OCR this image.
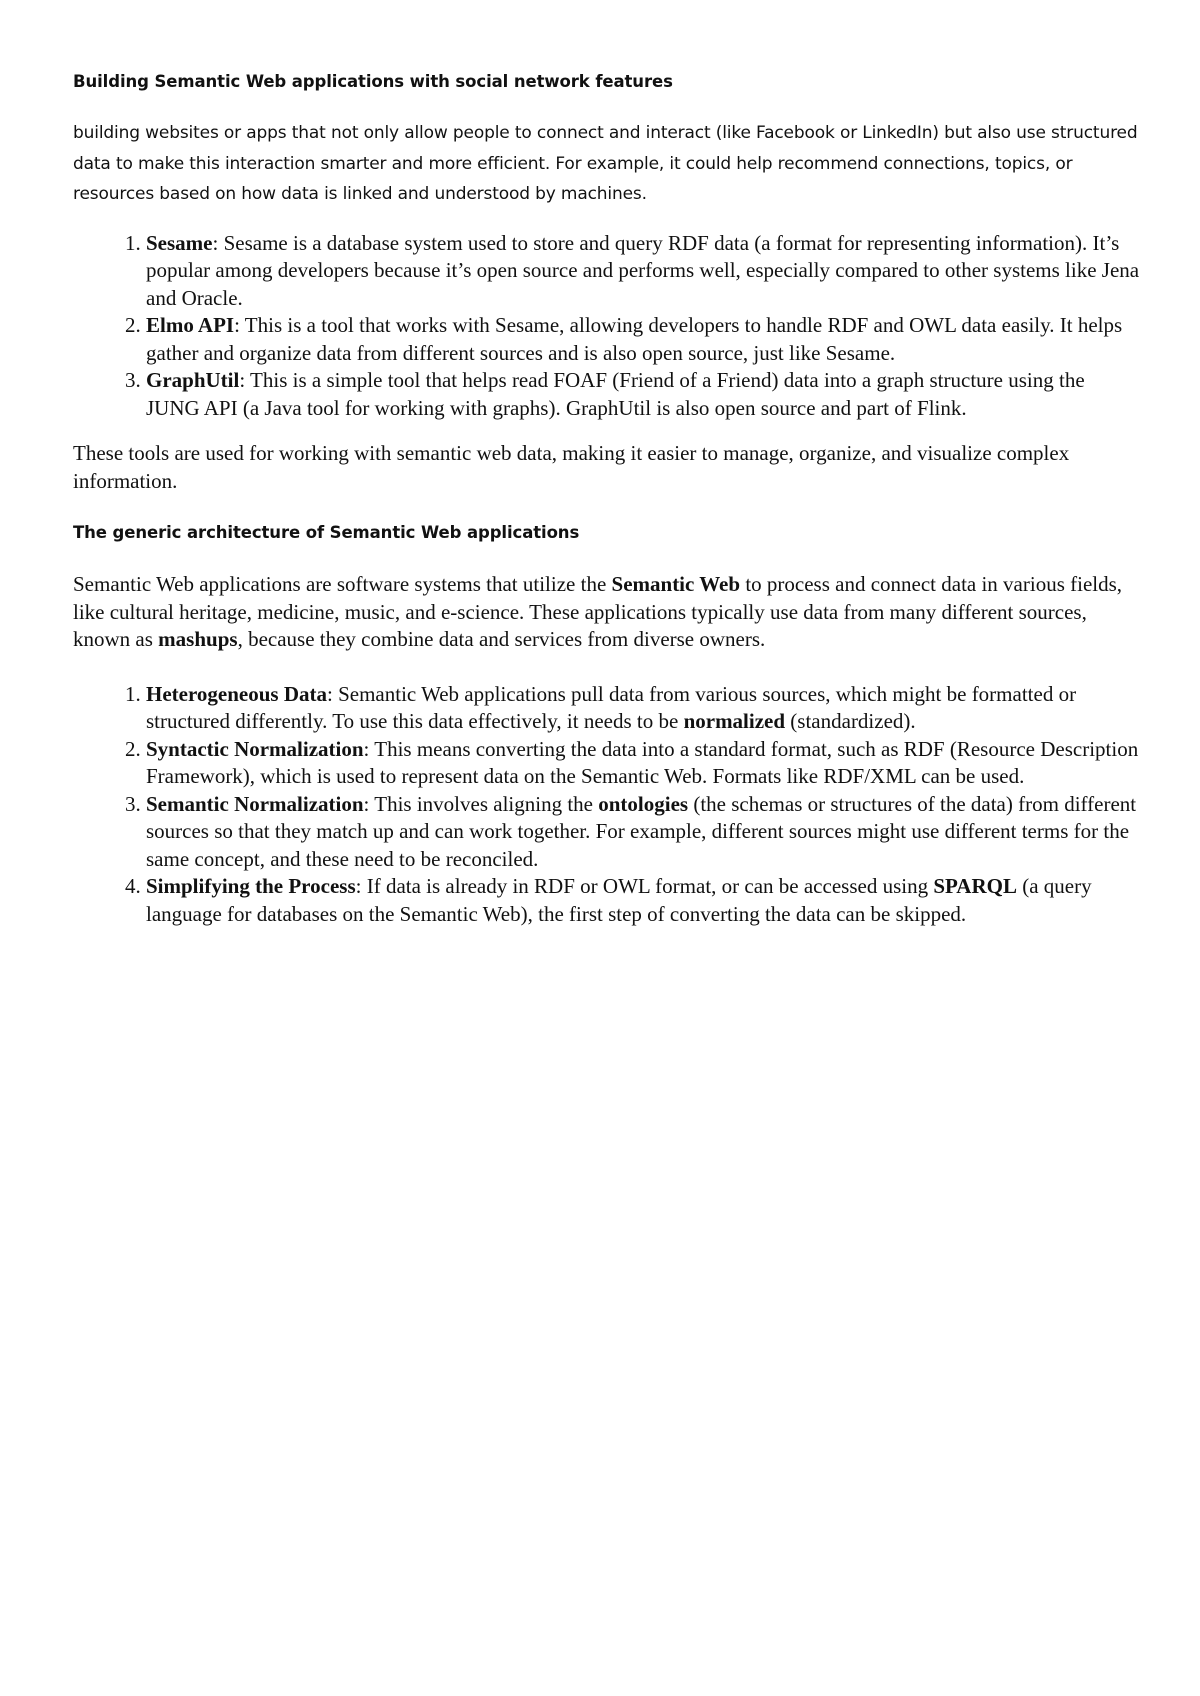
Building Semantic Web applications with social network features

building websites or apps that not only allow people to connect and interact (like Facebook or LinkedIn) but also use structured data to make this interaction smarter and more efficient. For example, it could help recommend connections, topics, or resources based on how data is linked and understood by machines.

1. Sesame: Sesame is a database system used to store and query RDF data (a format for representing information). It’s popular among developers because it’s open source and performs well, especially compared to other systems like Jena and Oracle.
2. Elmo API: This is a tool that works with Sesame, allowing developers to handle RDF and OWL data easily. It helps gather and organize data from different sources and is also open source, just like Sesame.
3. GraphUtil: This is a simple tool that helps read FOAF (Friend of a Friend) data into a graph structure using the JUNG API (a Java tool for working with graphs). GraphUtil is also open source and part of Flink.

These tools are used for working with semantic web data, making it easier to manage, organize, and visualize complex information.

The generic architecture of Semantic Web applications

Semantic Web applications are software systems that utilize the Semantic Web to process and connect data in various fields, like cultural heritage, medicine, music, and e-science. These applications typically use data from many different sources, known as mashups, because they combine data and services from diverse owners.

1. Heterogeneous Data: Semantic Web applications pull data from various sources, which might be formatted or structured differently. To use this data effectively, it needs to be normalized (standardized).
2. Syntactic Normalization: This means converting the data into a standard format, such as RDF (Resource Description Framework), which is used to represent data on the Semantic Web. Formats like RDF/XML can be used.
3. Semantic Normalization: This involves aligning the ontologies (the schemas or structures of the data) from different sources so that they match up and can work together. For example, different sources might use different terms for the same concept, and these need to be reconciled.
4. Simplifying the Process: If data is already in RDF or OWL format, or can be accessed using SPARQL (a query language for databases on the Semantic Web), the first step of converting the data can be skipped.
